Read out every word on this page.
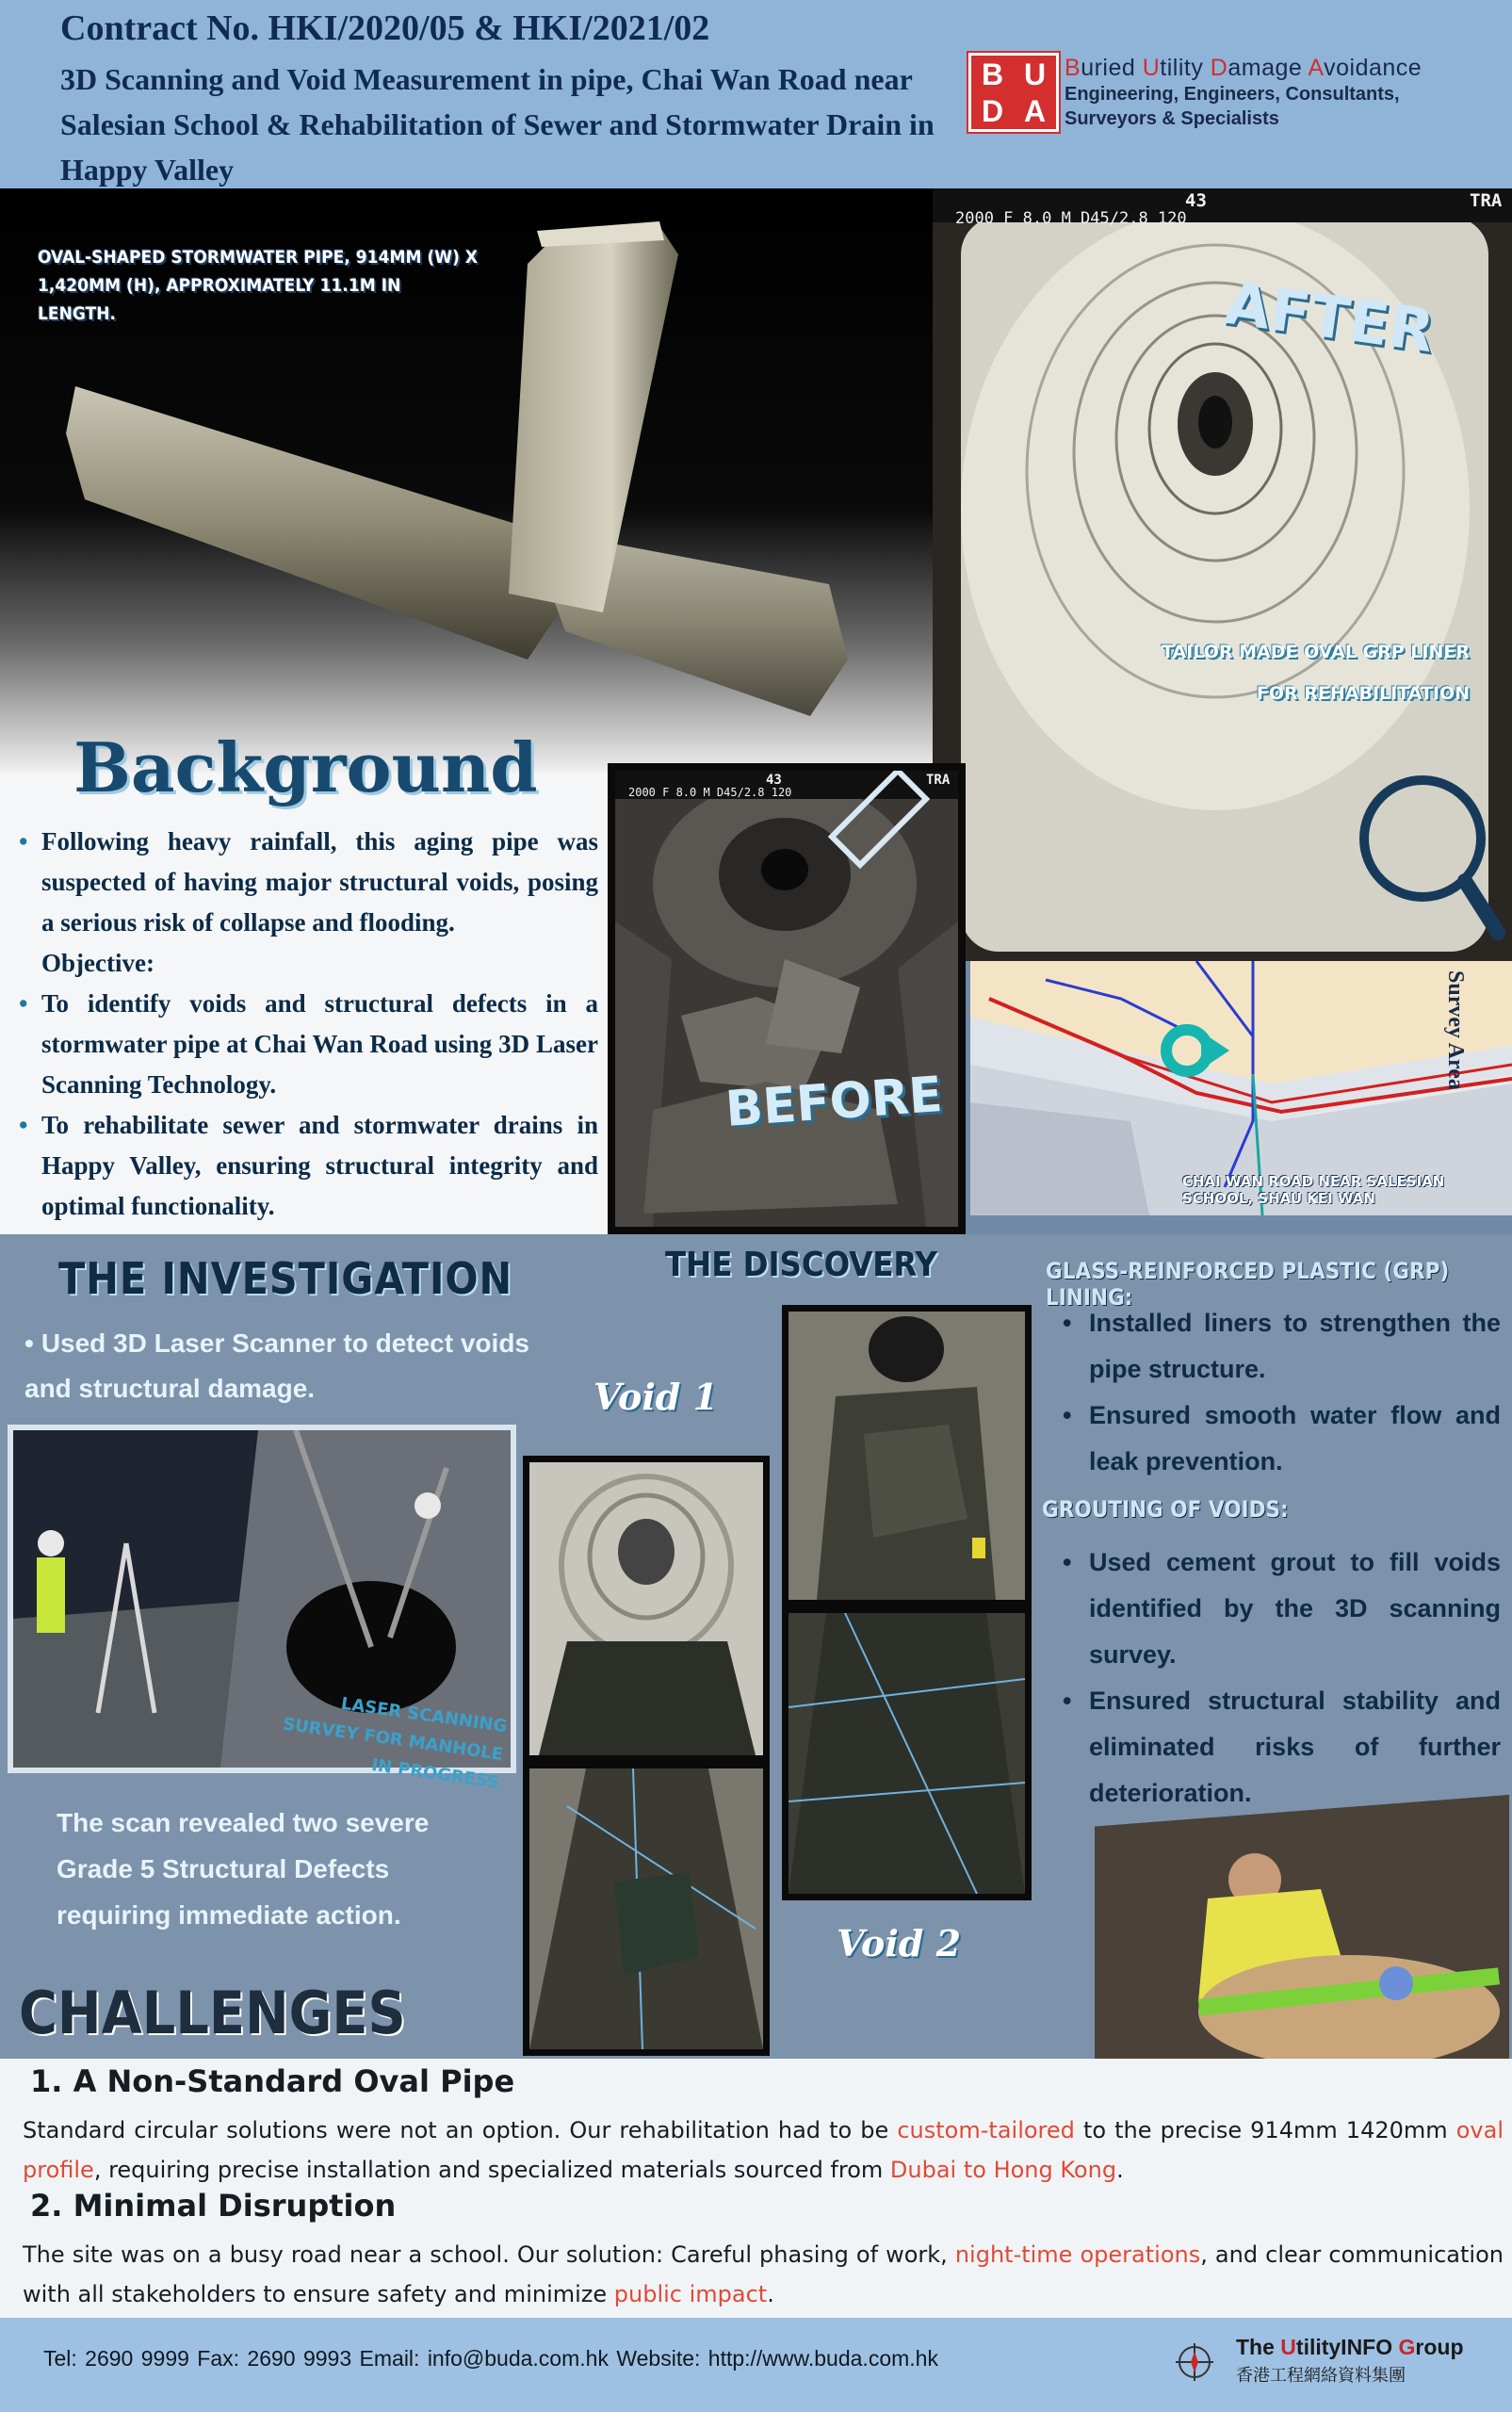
Contract No. HKI/2020/05 & HKI/2021/02
3D Scanning and Void Measurement in pipe, Chai Wan Road near Salesian School & Rehabilitation of Sewer and Stormwater Drain in Happy Valley
B U
D A
Buried Utility Damage Avoidance
Engineering, Engineers, Consultants,
Surveyors & Specialists
OVAL-SHAPED STORMWATER PIPE, 914MM (W) X 1,420MM (H), APPROXIMATELY 11.1M IN LENGTH.
2000 F 8.0 M D45/2.8 120
43	TRA
AFTER
TAILOR MADE OVAL GRP LINER FOR REHABILITATION
Background
• Following heavy rainfall, this aging pipe was suspected of having major structural voids, posing a serious risk of collapse and flooding.
Objective:
• To identify voids and structural defects in a stormwater pipe at Chai Wan Road using 3D Laser Scanning Technology.
• To rehabilitate sewer and stormwater drains in Happy Valley, ensuring structural integrity and optimal functionality.
2000 F 8.0 M D45/2.8 120
43	TRA
BEFORE
Survey Area
CHAI WAN ROAD NEAR SALESIAN SCHOOL, SHAU KEI WAN
THE INVESTIGATION
• Used 3D Laser Scanner to detect voids and structural damage.
LASER SCANNING SURVEY FOR MANHOLE IN PROGRESS
The scan revealed two severe Grade 5 Structural Defects requiring immediate action.
THE DISCOVERY
Void 1
Void 2
GLASS-REINFORCED PLASTIC (GRP) LINING:
• Installed liners to strengthen the pipe structure.
• Ensured smooth water flow and leak prevention.
GROUTING OF VOIDS:
• Used cement grout to fill voids identified by the 3D scanning survey.
• Ensured structural stability and eliminated risks of further deterioration.
CHALLENGES
1. A Non-Standard Oval Pipe
Standard circular solutions were not an option. Our rehabilitation had to be custom-tailored to the precise 914mm 1420mm oval profile, requiring precise installation and specialized materials sourced from Dubai to Hong Kong.
2. Minimal Disruption
The site was on a busy road near a school. Our solution: Careful phasing of work, night-time operations, and clear communication with all stakeholders to ensure safety and minimize public impact.
Tel: 2690 9999 Fax: 2690 9993 Email: info@buda.com.hk Website: http://www.buda.com.hk	The UtilityINFO Group
香港工程網絡資料集團
